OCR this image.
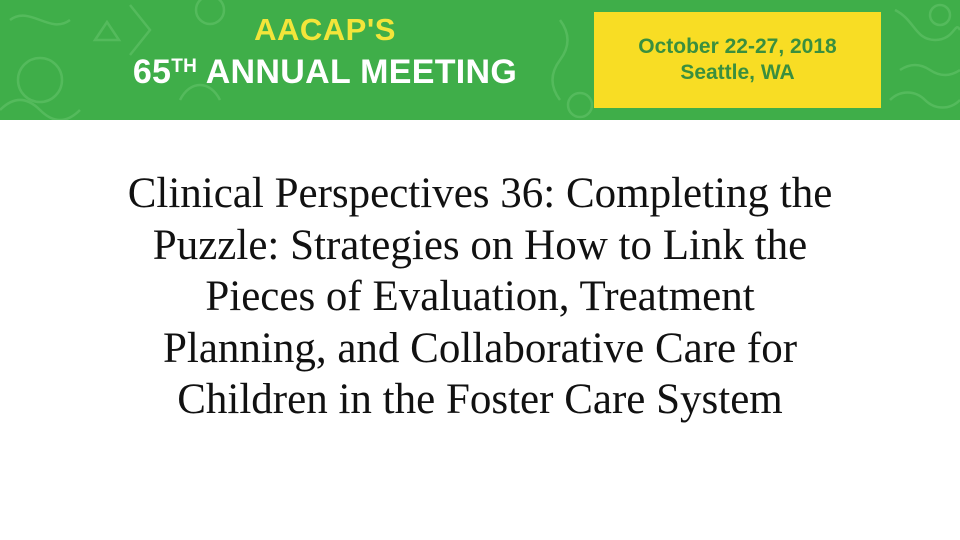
AACAP'S
65TH ANNUAL MEETING
October 22-27, 2018
Seattle, WA
Clinical Perspectives 36: Completing the
Puzzle: Strategies on How to Link the
Pieces of Evaluation, Treatment
Planning, and Collaborative Care for
Children in the Foster Care System
